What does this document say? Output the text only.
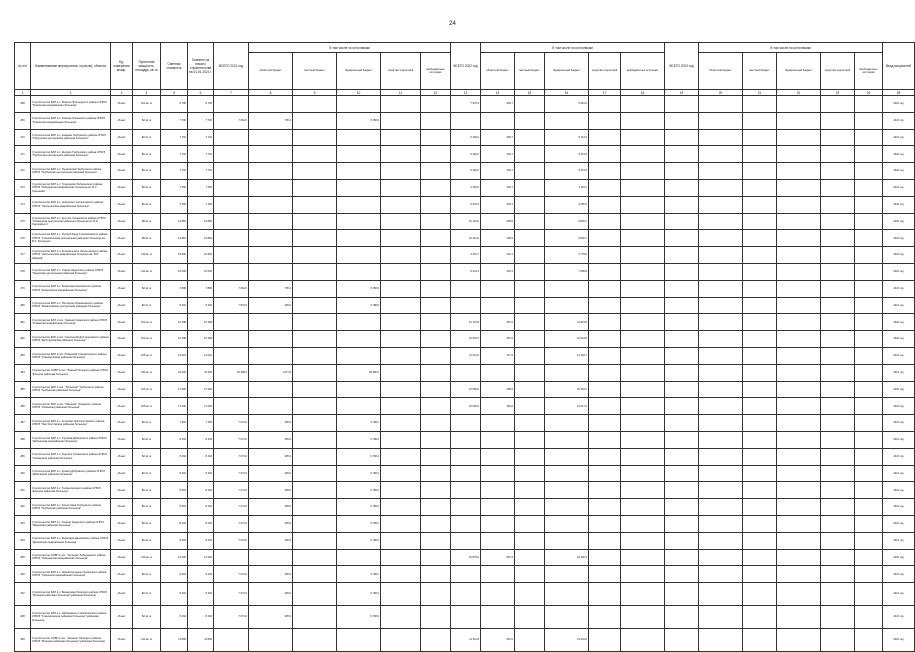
24
№ п/п	Наименование мероприятия, отрасли), объекта	Ед. измерения мощн.	Проектная мощность, площадь, кв. м	Сметная стоимость	Освоено на начало строительства на 01.01.2021 г.	ВСЕГО 2021 год	В том числе по источникам					ВСЕГО 2022 год	В том числе по источникам					ВСЕГО 2023 год	В том числе по источникам					Ввод мощностей
							областной бюджет	местный бюджет	федеральный бюджет	средства территорий	внебюджетные источники		областной бюджет	местный бюджет	федеральный бюджет	средства территорий	внебюджетные источники		областной бюджет	местный бюджет	федеральный бюджет	средства территорий	внебюджетные источники	
1	2	3	4	5	6	7	8	9	10	11	12	13	14	15	16	17	18	19	20	21	22	23	24	25
268	Строительство ФАП в с. Мокрое Пригородного района ОГБУЗ "Грязинская межрайонная больница"	объект	100 кв. м	8 795	8 795							7 976,9	354,7		6 961,5									2022 год
269	Строительство ФАП в с. Казинка Грязинского района ОГБУЗ "Грязинская межрайонная больница"	объект	82 кв. м	7 700	7 700	7 062,0	705,3		6 356,5															2021 год
270	Строительство ФАП в с. Княжево Тербунского района ОГБУЗ "Тербунская центральная районная больница"	объект	82 кв. м	7 702	7 702							5 460,0	346,7		5 113,3									2022 год
271	Строительство ФАП в с. Шилово Тербунского района ОГБУЗ "Тербунская центральная районная больница"	объект	82 кв. м	7 702	7 702							5 460,0	346,7		5 113,3									2022 год
272	Строительство ФАП в п. Пушкинский Тербунского района ОГБУЗ "Тербунская центральная районная больница"	объект	82 кв. м	7 702	7 702							5 460,0	346,7		5 113,3									2022 год
273	Строительство ФАП в с. Троекурово Лебедянского района ОГБУЗ "Лебедянская межрайонная больница им. В.С. Лукьянова"	объект	82 кв. м	7 450	7 450							4 462,0	346,7		4 115,3									2022 год
274	Строительство ФАП в с. Новосёлки Чаплыгинского района ОГБУЗ "Чаплыгинская межрайонная больница"	объект	82 кв. м	7 450	7 450							5 001,9	346,7		4 655,2									2022 год
275	Строительство ФАП в с. Круглое Хлевенского района ОГБУЗ "Хлевенская центральная районная больница им. В.И. Хмелевского"	объект	98 кв. м	12 881	12 881							10 161,0	328,9		9 832,1									2022 год
276	Строительство ФАП в с. Русский Брод Становлянского района ОГБУЗ "Становлянская центральная районная больница им. В.А. Лисицына"	объект	98 кв. м	12 881	12 881							10 161,0	328,9		9 832,1									2022 год
277	Строительство ФАП в п. Колыбельское Чаплыгинского района ОГБУЗ "Чаплыгинская межрайонная больница им. В.И. Зайцева"	объект	140 кв. м	16 800	16 800							3 201,7	422,1		2 779,6									2022 год
278	Строительство ФАП в с. Озерки Задонского района ОГБУЗ "Задонская центральная районная больница"	объект	140 кв. м	10 600	10 600							9 201,3	491,4		7 999,9									2022 год
279	Строительство ФАП в с. Борисовка Краснинского района ОГБУЗ "Краснинская межрайонная больница"	объект	82 кв. м	7 895	7 895	7 062,0	705,3		6 356,5															2021 год
280	Строительство ФАП в с. Пятницкое Измалковского района ОГБУЗ "Измалковская центральная районная больница"	объект	82 кв. м	8 494	8 494	7 874,0	305,9		6 788,0															2021 год
281	Строительство ФАП в пос. Ударник Усманского района ОГБУЗ "Усманская межрайонная больница"	объект	120 кв. м	12 398	12 398							12 170,8	357,2		11 813,6									2022 год
282	Строительство ФАП в пос. Сокольский Долгоруковского района ОГБУЗ "Долгоруковская районная больница"	объект	120 кв. м	12 398	12 398							10 970,0	357,2		10 612,8									2022 год
283	Строительство ФАП в пос. Рязанский Становлянского района ОГБУЗ "Становлянская районная больница"	объект	105 кв. м	12 021	12 021							11 641,6	417,9		11 223,7									2022 год
284	Строительство ООВП в пос. "Южный" Елецкого района ОГБУЗ "Елецкая районная больница"	объект	230 кв. м	31 320	31 320	30 358,0	1 977,8		28 380,2															2021 год
285	Строительство ФАП в пос. "Луганский" Тербунского района ОГБУЗ "Тербунская районная больница"	объект	105 кв. м	17 900	17 900							15 650,0	285,6		15 364,4									2022 год
286	Строительство ФАП в пос. "Малинки" Усманского района ОГБУЗ "Усманская районная больница"	объект	105 кв. м	17 600	17 600							15 000,0	383,0		14 617,0									2022 год
287	Строительство ФАП в с. Астапово Лев-Толстовского района ОГБУЗ "Лев-Толстовская районная больница"	объект	82 кв. м	7 450	7 450	7 074,0	305,9		6 768,2															2021 год
288	Строительство ФАП в с. Орловка Добринского района ОГБУЗ "Добринская межрайонная больница"	объект	82 кв. м	8 494	8 494	7 074,0	305,9		6 768,2															2021 год
289	Строительство ФАП в с. Сырское Хлевенского района ОГБУЗ "Хлевенская районная больница"	объект	82 кв. м	8 494	8 494	7 074,0	305,9		6 768,2															2021 год
290	Строительство ФАП в с. Кривец Добровского района ОГБУЗ "Добровская районная больница"	объект	82 кв. м	8 494	8 494	7 074,0	305,9		6 768,2															2021 год
291	Строительство ФАП в с. Талица Елецкого района ОГБУЗ "Елецкая районная больница"	объект	82 кв. м	8 494	8 494	7 074,0	305,9		6 768,2															2021 год
292	Строительство ФАП в с. Кирилловка Тербунского района ОГБУЗ "Тербунская районная больница"	объект	82 кв. м	8 494	8 494	7 074,0	305,9		6 768,2															2021 год
293	Строительство ФАП в с. Тюнино Задонского района ОГБУЗ "Задонская районная больница"	объект	82 кв. м	8 494	8 494	7 074,0	305,9		6 768,2															2021 год
294	Строительство ФАП в с. Березовка Данковского района ОГБУЗ "Данковская межрайонная больница"	объект	82 кв. м	8 494	8 494	7 074,0	305,9		6 768,2															2021 год
295	Строительство ООВП в пос. "Агроном" Лебедянского района ОГБУЗ "Лебедянская межрайонная больница"	объект	140 кв. м	12 200	12 200							10 879,6	587,3		10 292,3									2022 год
296	Строительство ФАП в с. Новый Колодезь Грязинского района ОГБУЗ "Грязинская межрайонная больница"	объект	82 кв. м	8 494	8 494	7 074,0	305,9		6 768,2															2021 год
297	Строительство ФАП в с. Вешаловка Липецкого района ОГБУЗ "Липецкая районная больница" (районная больница)	объект	82 кв. м	8 494	8 494	7 074,0	305,9		6 768,2															2021 год
298	Строительство ФАП в с. Набережное Становлянского района ОГБУЗ "Становлянская районная больница" (районная больница)	объект	82 кв. м	8 494	8 494	7 074,0	305,9		6 768,2															2021 год
299	Строительство ООВП в пос. "Казинка" Липецкого района ОГБУЗ "Липецкая районная больница" (районная больница)	объект	140 кв. м	11 800	11 800							11 511,8	510,0		11 001,8									2022 год
